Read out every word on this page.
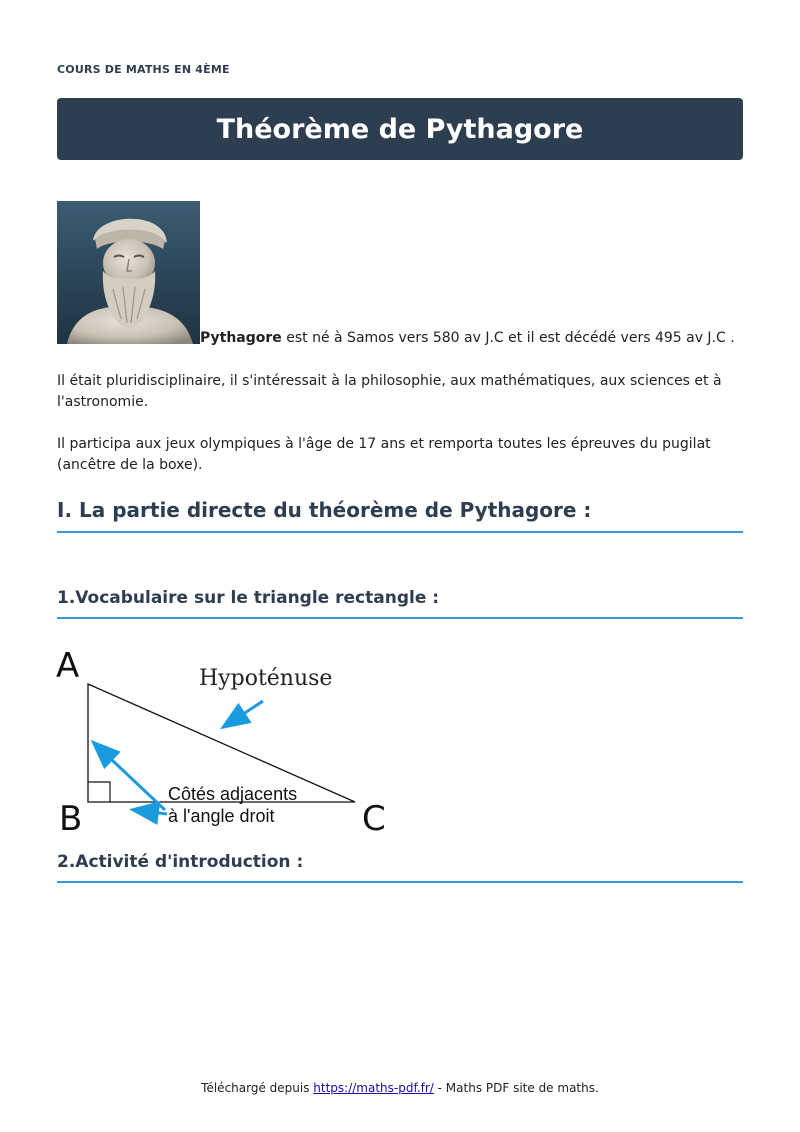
COURS DE MATHS EN 4ÈME
Théorème de Pythagore

Pythagore est né à Samos vers 580 av J.C et il est décédé vers 495 av J.C .

Il était pluridisciplinaire, il s'intéressait à la philosophie, aux mathématiques, aux sciences et à l'astronomie.

Il participa aux jeux olympiques à l'âge de 17 ans et remporta toutes les épreuves du pugilat (ancêtre de la boxe).

I. La partie directe du théorème de Pythagore :
1.Vocabulaire sur le triangle rectangle :
A
B	C
Hypoténuse
Côtés adjacents
à l'angle droit
2.Activité d'introduction :
Téléchargé depuis https://maths-pdf.fr/ - Maths PDF site de maths.
